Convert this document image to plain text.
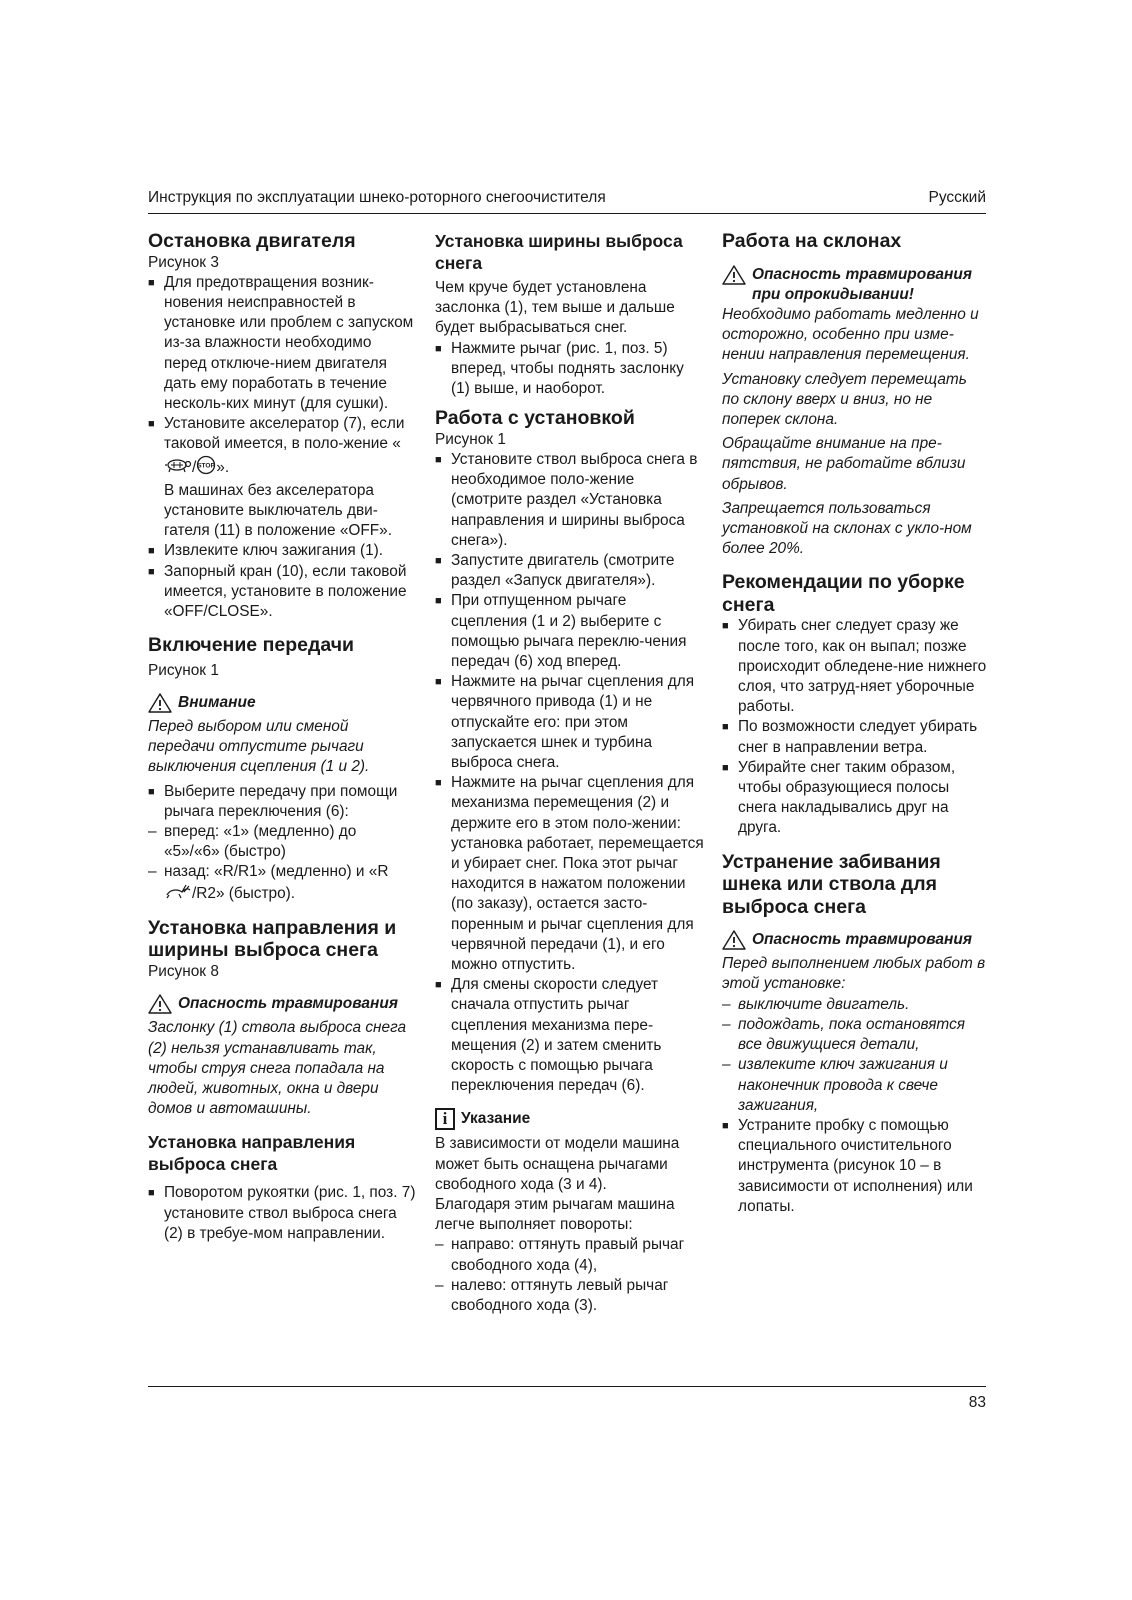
Инструкция по эксплуатации шнеко-роторного снегоочистителя	Русский
Остановка двигателя

Рисунок 3

■ Для предотвращения возник-новения неисправностей в установке или проблем с запуском из-за влажности необходимо перед отключе-нием двигателя дать ему поработать в течение несколь-ких минут (для сушки).
■ Установите акселератор (7), если таковой имеется, в поло-жение «/ STOP ».
В машинах без акселератора установите выключатель дви-гателя (11) в положение «OFF».
■ Извлеките ключ зажигания (1).
■ Запорный кран (10), если таковой имеется, установите в положение «OFF/CLOSE».
Включение передачи

Рисунок 1

Внимание

Перед выбором или сменой передачи отпустите рычаги выключения сцепления (1 и 2).

■ Выберите передачу при помощи рычага переключения (6):
– вперед: «1» (медленно) до «5»/«6» (быстро)
– назад: «R/R1» (медленно) и «R /R2» (быстро).
Установка направления и ширины выброса снега

Рисунок 8

Опасность травмирования

Заслонку (1) ствола выброса снега (2) нельзя устанавливать так, чтобы струя снега попадала на людей, животных, окна и двери домов и автомашины.

Установка направления выброса снега
■ Поворотом рукоятки (рис. 1, поз. 7) установите ствол выброса снега (2) в требуе-мом направлении.
Установка ширины выброса снега

Чем круче будет установлена заслонка (1), тем выше и дальше будет выбрасываться снег.

■ Нажмите рычаг (рис. 1, поз. 5) вперед, чтобы поднять заслонку (1) выше, и наоборот.
Работа с установкой

Рисунок 1

■ Установите ствол выброса снега в необходимое поло-жение (смотрите раздел «Установка направления и ширины выброса снега»).
■ Запустите двигатель (смотрите раздел «Запуск двигателя»).
■ При отпущенном рычаге сцепления (1 и 2) выберите с помощью рычага переклю-чения передач (6) ход вперед.
■ Нажмите на рычаг сцепления для червячного привода (1) и не отпускайте его: при этом запускается шнек и турбина выброса снега.
■ Нажмите на рычаг сцепления для механизма перемещения (2) и держите его в этом поло-жении: установка работает, перемещается и убирает снег. Пока этот рычаг находится в нажатом положении (по заказу), остается засто-поренным и рычаг сцепления для червячной передачи (1), и его можно отпустить.
■ Для смены скорости следует сначала отпустить рычаг сцепления механизма пере-мещения (2) и затем сменить скорость с помощью рычага переключения передач (6).
i Указание

В зависимости от модели машина может быть оснащена рычагами свободного хода (3 и 4).

Благодаря этим рычагам машина легче выполняет повороты:

– направо: оттянуть правый рычаг свободного хода (4),
– налево: оттянуть левый рычаг свободного хода (3).
Работа на склонах
Опасность травмирования при опрокидывании!

Необходимо работать медленно и осторожно, особенно при изме-нении направления перемещения.

Установку следует перемещать по склону вверх и вниз, но не поперек склона.

Обращайте внимание на пре-пятствия, не работайте вблизи обрывов.

Запрещается пользоваться установкой на склонах с укло-ном более 20%.

Рекомендации по уборке снега
■ Убирать снег следует сразу же после того, как он выпал; позже происходит обледене-ние нижнего слоя, что затруд-няет уборочные работы.
■ По возможности следует убирать снег в направлении ветра.
■ Убирайте снег таким образом, чтобы образующиеся полосы снега накладывались друг на друга.
Устранение забивания шнека или ствола для выброса снега
Опасность травмирования

Перед выполнением любых работ в этой установке:

– выключите двигатель.
– подождать, пока остановятся все движущиеся детали,
– извлеките ключ зажигания и наконечник провода к свече зажигания,
■ Устраните пробку с помощью специального очистительного инструмента (рисунок 10 – в зависимости от исполнения) или лопаты.
83
